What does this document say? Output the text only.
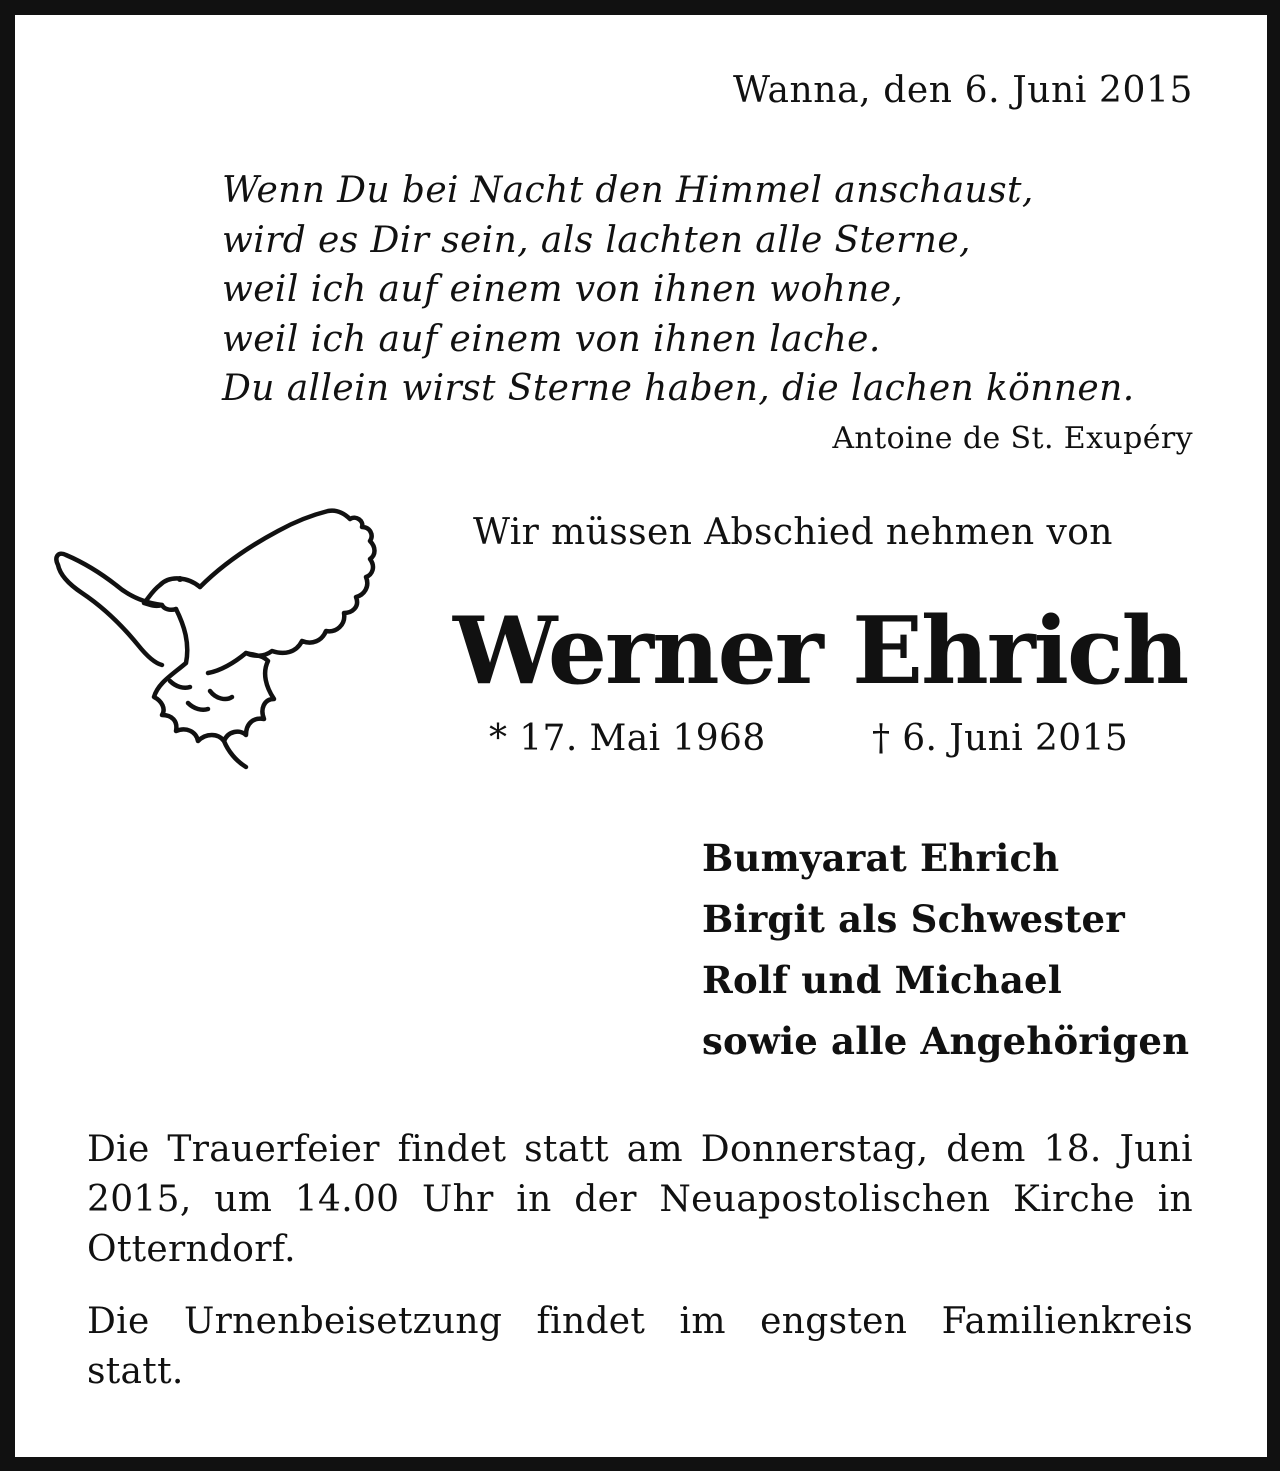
Wanna, den 6. Juni 2015
Wenn Du bei Nacht den Himmel anschaust,
wird es Dir sein, als lachten alle Sterne,
weil ich auf einem von ihnen wohne,
weil ich auf einem von ihnen lache.
Du allein wirst Sterne haben, die lachen können.
Antoine de St. Exupéry
Wir müssen Abschied nehmen von
Werner Ehrich
* 17. Mai 1968	† 6. Juni 2015
Bumyarat Ehrich
Birgit als Schwester
Rolf und Michael
sowie alle Angehörigen
Die Trauerfeier findet statt am Donnerstag, dem 18. Juni 2015, um 14.00 Uhr in der Neuapostolischen Kirche in Otterndorf.
Die Urnenbeisetzung findet im engsten Familienkreis statt.
